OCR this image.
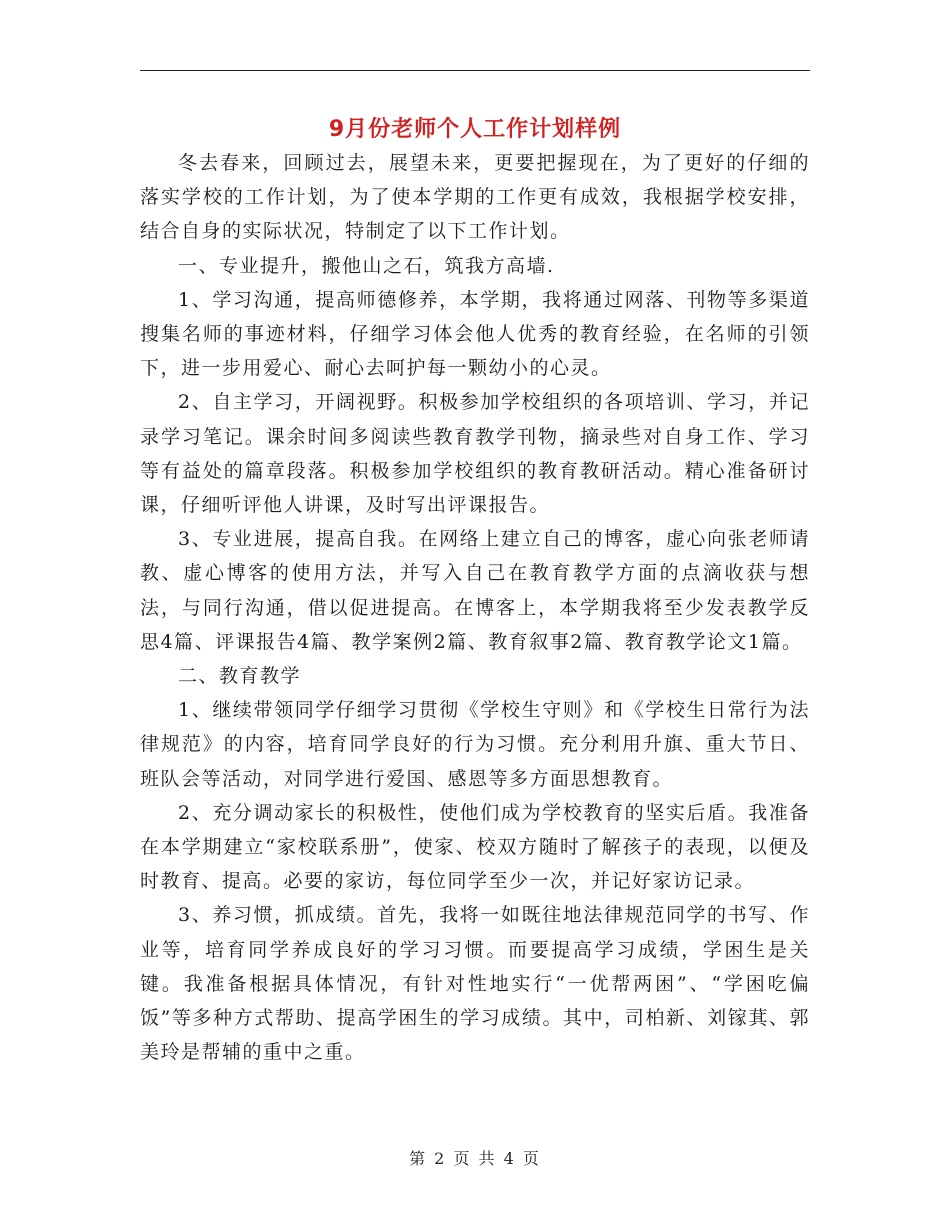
9月份老师个人工作计划样例

冬去春来，回顾过去，展望未来，更要把握现在，为了更好的仔细的落实学校的工作计划，为了使本学期的工作更有成效，我根据学校安排，结合自身的实际状况，特制定了以下工作计划。

一、专业提升，搬他山之石，筑我方高墙.

1、学习沟通，提高师德修养，本学期，我将通过网落、刊物等多渠道搜集名师的事迹材料，仔细学习体会他人优秀的教育经验，在名师的引领下，进一步用爱心、耐心去呵护每一颗幼小的心灵。

2、自主学习，开阔视野。积极参加学校组织的各项培训、学习，并记录学习笔记。课余时间多阅读些教育教学刊物，摘录些对自身工作、学习等有益处的篇章段落。积极参加学校组织的教育教研活动。精心准备研讨课，仔细听评他人讲课，及时写出评课报告。

3、专业进展，提高自我。在网络上建立自己的博客，虚心向张老师请教、虚心博客的使用方法，并写入自己在教育教学方面的点滴收获与想法，与同行沟通，借以促进提高。在博客上，本学期我将至少发表教学反思4篇、评课报告4篇、教学案例2篇、教育叙事2篇、教育教学论文1篇。

二、教育教学

1、继续带领同学仔细学习贯彻《学校生守则》和《学校生日常行为法律规范》的内容，培育同学良好的行为习惯。充分利用升旗、重大节日、班队会等活动，对同学进行爱国、感恩等多方面思想教育。

2、充分调动家长的积极性，使他们成为学校教育的坚实后盾。我准备在本学期建立“家校联系册”，使家、校双方随时了解孩子的表现，以便及时教育、提高。必要的家访，每位同学至少一次，并记好家访记录。

3、养习惯，抓成绩。首先，我将一如既往地法律规范同学的书写、作业等，培育同学养成良好的学习习惯。而要提高学习成绩，学困生是关键。我准备根据具体情况，有针对性地实行“一优帮两困”、“学困吃偏饭”等多种方式帮助、提高学困生的学习成绩。其中，司柏新、刘镓萁、郭美玲是帮辅的重中之重。

第 2 页 共 4 页
